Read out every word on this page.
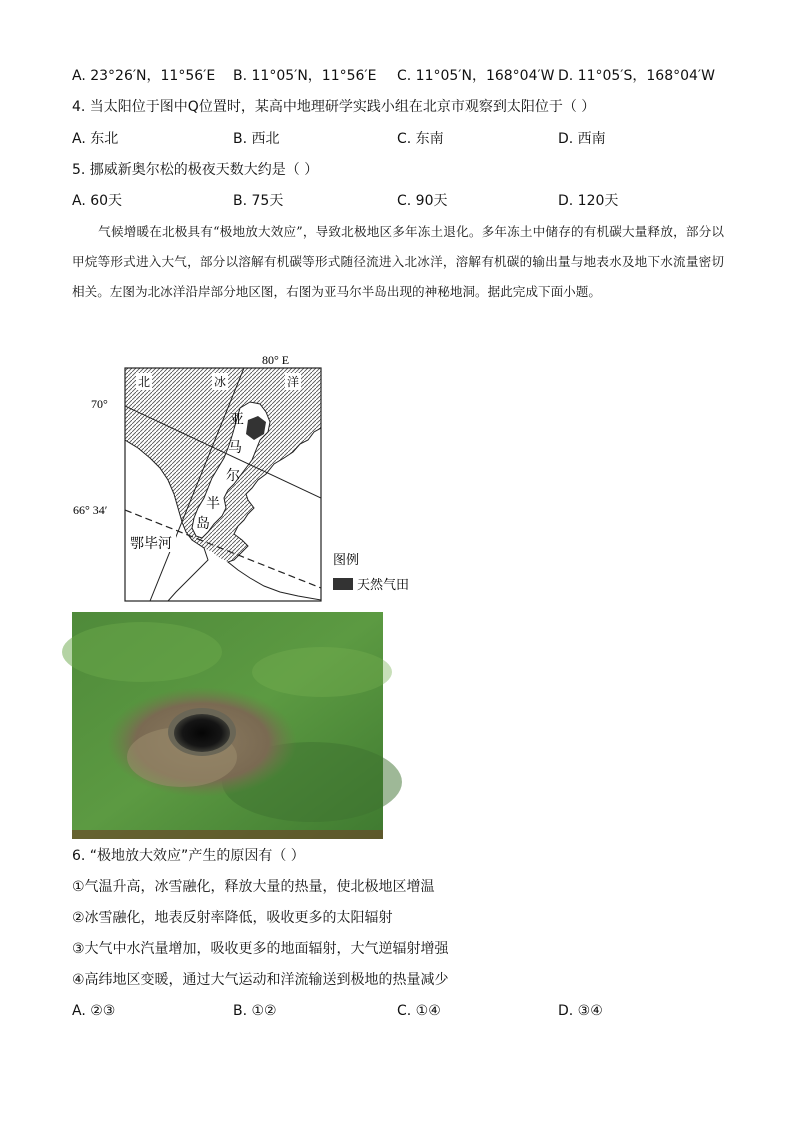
A. 23°26′N，11°56′E B. 11°05′N，11°56′E C. 11°05′N，168°04′W D. 11°05′S，168°04′W
4. 当太阳位于图中Q位置时，某高中地理研学实践小组在北京市观察到太阳位于（ ）
A. 东北	B. 西北	C. 东南	D. 西南
5. 挪威新奥尔松的极夜天数大约是（ ）
A. 60天	B. 75天	C. 90天	D. 120天
气候增暖在北极具有“极地放大效应”，导致北极地区多年冻土退化。多年冻土中储存的有机碳大量释放，部分以甲烷等形式进入大气，部分以溶解有机碳等形式随径流进入北冰洋，溶解有机碳的输出量与地表水及地下水流量密切相关。左图为北冰洋沿岸部分地区图，右图为亚马尔半岛出现的神秘地洞。据此完成下面小题。
80° E
70°
66° 34′
北	冰	洋
亚
马
尔
半
岛
鄂毕河
图例
天然气田
6. “极地放大效应”产生的原因有（ ）
①气温升高，冰雪融化，释放大量的热量，使北极地区增温
②冰雪融化，地表反射率降低，吸收更多的太阳辐射
③大气中水汽量增加，吸收更多的地面辐射，大气逆辐射增强
④高纬地区变暖，通过大气运动和洋流输送到极地的热量减少
A. ②③	B. ①②	C. ①④	D. ③④
